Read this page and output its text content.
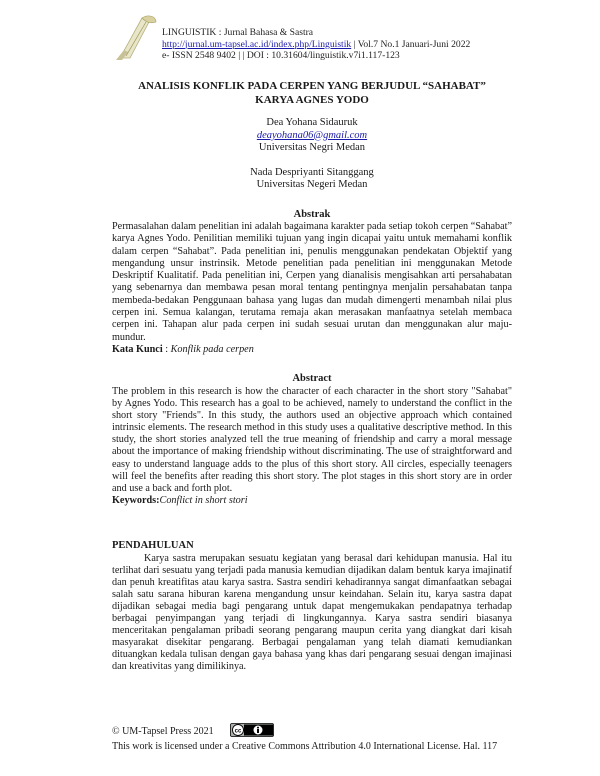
LINGUISTIK : Jurnal Bahasa & Sastra
http://jurnal.um-tapsel.ac.id/index.php/Linguistik | Vol.7 No.1 Januari-Juni 2022
e- ISSN 2548 9402 | | DOI : 10.31604/linguistik.v7i1.117-123
ANALISIS KONFLIK PADA CERPEN YANG BERJUDUL “SAHABAT”
KARYA AGNES YODO
Dea Yohana Sidauruk
deayohana06@gmail.com
Universitas Negri Medan
Nada Despriyanti Sitanggang
Universitas Negeri Medan
Abstrak

Permasalahan dalam penelitian ini adalah bagaimana karakter pada setiap tokoh cerpen “Sahabat” karya Agnes Yodo. Penilitian memiliki tujuan yang ingin dicapai yaitu untuk memahami konflik dalam cerpen “Sahabat”. Pada penelitian ini, penulis menggunakan pendekatan Objektif yang mengandung unsur instrinsik. Metode penelitian pada penelitian ini menggunakan Metode Deskriptif Kualitatif. Pada penelitian ini, Cerpen yang dianalisis mengisahkan arti persahabatan yang sebenarnya dan membawa pesan moral tentang pentingnya menjalin persahabatan tanpa membeda-bedakan Penggunaan bahasa yang lugas dan mudah dimengerti menambah nilai plus cerpen ini. Semua kalangan, terutama remaja akan merasakan manfaatnya setelah membaca cerpen ini. Tahapan alur pada cerpen ini sudah sesuai urutan dan menggunakan alur maju-mundur.

Kata Kunci : Konflik pada cerpen

Abstract

The problem in this research is how the character of each character in the short story "Sahabat" by Agnes Yodo. This research has a goal to be achieved, namely to understand the conflict in the short story "Friends". In this study, the authors used an objective approach which contained intrinsic elements. The research method in this study uses a qualitative descriptive method. In this study, the short stories analyzed tell the true meaning of friendship and carry a moral message about the importance of making friendship without discriminating. The use of straightforward and easy to understand language adds to the plus of this short story. All circles, especially teenagers will feel the benefits after reading this short story. The plot stages in this short story are in order and use a back and forth plot.

Keywords:Conflict in short stori

PENDAHULUAN
Karya sastra merupakan sesuatu kegiatan yang berasal dari kehidupan manusia. Hal itu terlihat dari sesuatu yang terjadi pada manusia kemudian dijadikan dalam bentuk karya imajinatif dan penuh kreatifitas atau karya sastra. Sastra sendiri kehadirannya sangat dimanfaatkan sebagai salah satu sarana hiburan karena mengandung unsur keindahan. Selain itu, karya sastra dapat dijadikan sebagai media bagi pengarang untuk dapat mengemukakan pendapatnya terhadap berbagai penyimpangan yang terjadi di lingkungannya. Karya sastra sendiri biasanya menceritakan pengalaman pribadi seorang pengarang maupun cerita yang diangkat dari kisah masyarakat disekitar pengarang. Berbagai pengalaman yang telah diamati kemudiankan dituangkan kedala tulisan dengan gaya bahasa yang khas dari pengarang sesuai dengan imajinasi dan kreativitas yang dimilikinya.
© UM-Tapsel Press 2021	cc
This work is licensed under a Creative Commons Attribution 4.0 International License. Hal. 117
